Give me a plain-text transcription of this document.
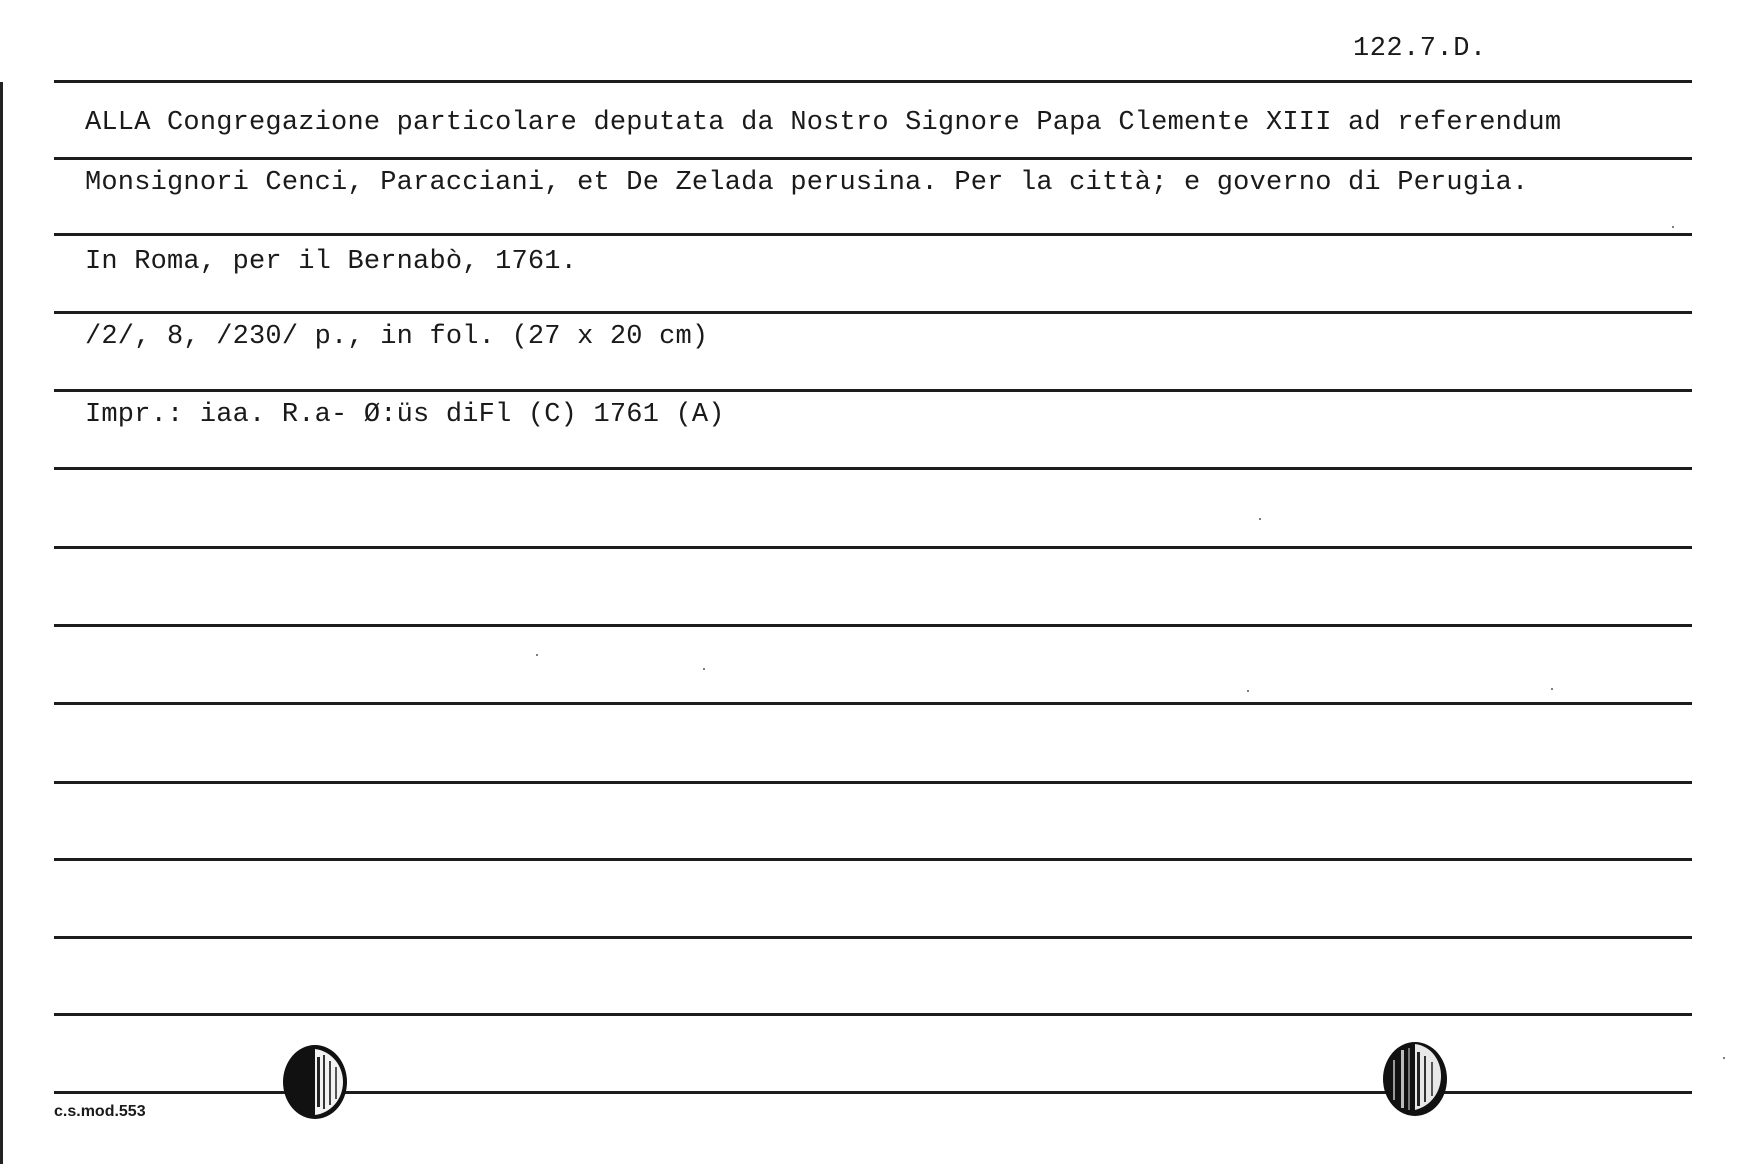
122.7.D.
ALLA Congregazione particolare deputata da Nostro Signore Papa Clemente XIII ad referendum
Monsignori Cenci, Paracciani, et De Zelada perusina. Per la città; e governo di Perugia.
In Roma, per il Bernabò, 1761.
/2/, 8, /230/ p., in fol. (27 x 20 cm)
Impr.: iaa. R.a- Ø:üs diFl (C) 1761 (A)
c.s.mod.553
